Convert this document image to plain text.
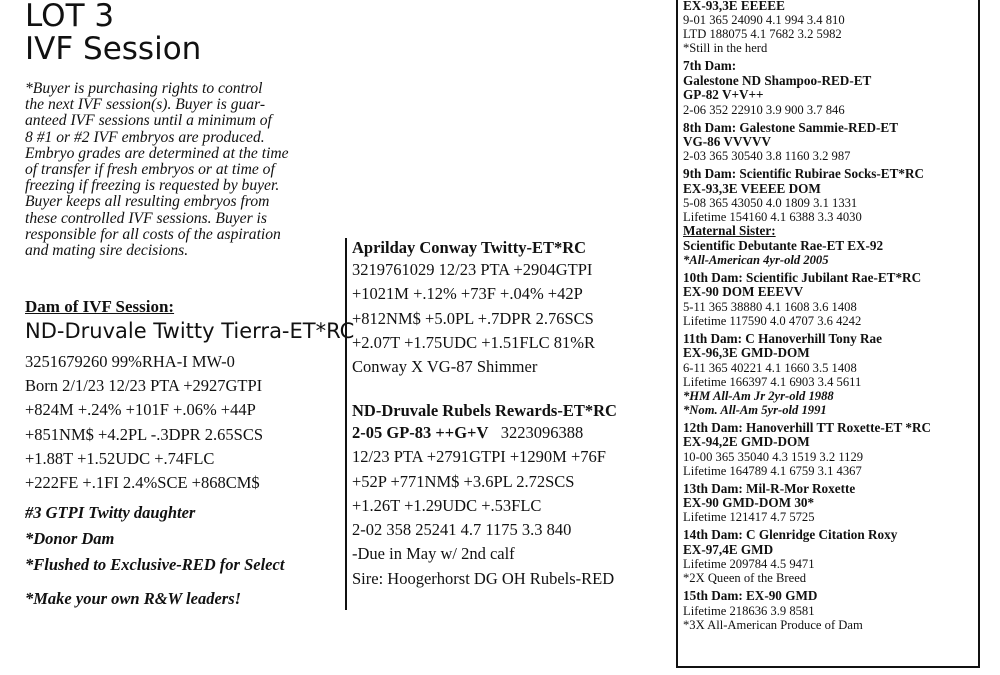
LOT 3
IVF Session
*Buyer is purchasing rights to control
the next IVF session(s). Buyer is guar-
anteed IVF sessions until a minimum of
8 #1 or #2 IVF embryos are produced.
Embryo grades are determined at the time
of transfer if fresh embryos or at time of
freezing if freezing is requested by buyer.
Buyer keeps all resulting embryos from
these controlled IVF sessions. Buyer is
responsible for all costs of the aspiration
and mating sire decisions.
Dam of IVF Session:
ND-Druvale Twitty Tierra-ET*RC
3251679260 99%RHA-I MW-0
Born 2/1/23 12/23 PTA +2927GTPI
+824M +.24% +101F +.06% +44P
+851NM$ +4.2PL -.3DPR 2.65SCS
+1.88T +1.52UDC +.74FLC
+222FE +.1FI 2.4%SCE +868CM$
#3 GTPI Twitty daughter
*Donor Dam
*Flushed to Exclusive-RED for Select
*Make your own R&W leaders!
Aprilday Conway Twitty-ET*RC
3219761029 12/23 PTA +2904GTPI
+1021M +.12% +73F +.04% +42P
+812NM$ +5.0PL +.7DPR 2.76SCS
+2.07T +1.75UDC +1.51FLC 81%R
Conway X VG-87 Shimmer
ND-Druvale Rubels Rewards-ET*RC
2-05 GP-83 ++G+V 3223096388
12/23 PTA +2791GTPI +1290M +76F
+52P +771NM$ +3.6PL 2.72SCS
+1.26T +1.29UDC +.53FLC
2-02 358 25241 4.7 1175 3.3 840
-Due in May w/ 2nd calf
Sire: Hoogerhorst DG OH Rubels-RED
EX-93,3E EEEEE
9-01 365 24090 4.1 994 3.4 810
LTD 188075 4.1 7682 3.2 5982
*Still in the herd
7th Dam:
Galestone ND Shampoo-RED-ET
GP-82 V+V++
2-06 352 22910 3.9 900 3.7 846
8th Dam: Galestone Sammie-RED-ET
VG-86 VVVVV
2-03 365 30540 3.8 1160 3.2 987
9th Dam: Scientific Rubirae Socks-ET*RC
EX-93,3E VEEEE DOM
5-08 365 43050 4.0 1809 3.1 1331
Lifetime 154160 4.1 6388 3.3 4030
Maternal Sister:
Scientific Debutante Rae-ET EX-92
*All-American 4yr-old 2005
10th Dam: Scientific Jubilant Rae-ET*RC
EX-90 DOM EEEVV
5-11 365 38880 4.1 1608 3.6 1408
Lifetime 117590 4.0 4707 3.6 4242
11th Dam: C Hanoverhill Tony Rae
EX-96,3E GMD-DOM
6-11 365 40221 4.1 1660 3.5 1408
Lifetime 166397 4.1 6903 3.4 5611
*HM All-Am Jr 2yr-old 1988
*Nom. All-Am 5yr-old 1991
12th Dam: Hanoverhill TT Roxette-ET *RC
EX-94,2E GMD-DOM
10-00 365 35040 4.3 1519 3.2 1129
Lifetime 164789 4.1 6759 3.1 4367
13th Dam: Mil-R-Mor Roxette
EX-90 GMD-DOM 30*
Lifetime 121417 4.7 5725
14th Dam: C Glenridge Citation Roxy
EX-97,4E GMD
Lifetime 209784 4.5 9471
*2X Queen of the Breed
15th Dam: EX-90 GMD
Lifetime 218636 3.9 8581
*3X All-American Produce of Dam
